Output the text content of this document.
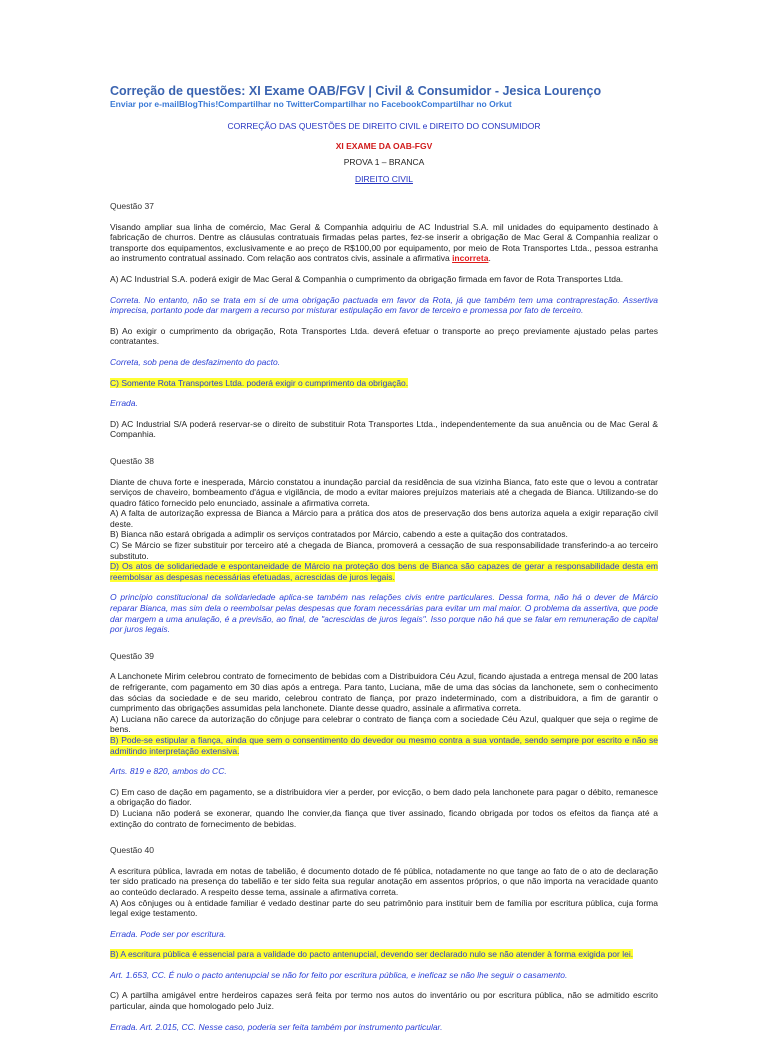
Correção de questões: XI Exame OAB/FGV | Civil & Consumidor - Jesica Lourenço

Enviar por e-mailBlogThis!Compartilhar no TwitterCompartilhar no FacebookCompartilhar no Orkut

CORREÇÃO DAS QUESTÕES DE DIREITO CIVIL e DIREITO DO CONSUMIDOR
XI EXAME DA OAB-FGV
PROVA 1 – BRANCA
DIREITO CIVIL
Questão 37

Visando ampliar sua linha de comércio, Mac Geral & Companhia adquiriu de AC Industrial S.A. mil unidades do equipamento destinado à fabricação de churros. Dentre as cláusulas contratuais firmadas pelas partes, fez-se inserir a obrigação de Mac Geral & Companhia realizar o transporte dos equipamentos, exclusivamente e ao preço de R$100,00 por equipamento, por meio de Rota Transportes Ltda., pessoa estranha ao instrumento contratual assinado. Com relação aos contratos civis, assinale a afirmativa incorreta.

A) AC Industrial S.A. poderá exigir de Mac Geral & Companhia o cumprimento da obrigação firmada em favor de Rota Transportes Ltda.

Correta. No entanto, não se trata em si de uma obrigação pactuada em favor da Rota, já que também tem uma contraprestação. Assertiva imprecisa, portanto pode dar margem a recurso por misturar estipulação em favor de terceiro e promessa por fato de terceiro.

B) Ao exigir o cumprimento da obrigação, Rota Transportes Ltda. deverá efetuar o transporte ao preço previamente ajustado pelas partes contratantes.

Correta, sob pena de desfazimento do pacto.

C) Somente Rota Transportes Ltda. poderá exigir o cumprimento da obrigação.

Errada.

D) AC Industrial S/A poderá reservar-se o direito de substituir Rota Transportes Ltda., independentemente da sua anuência ou de Mac Geral & Companhia.

Questão 38

Diante de chuva forte e inesperada, Márcio constatou a inundação parcial da residência de sua vizinha Bianca, fato este que o levou a contratar serviços de chaveiro, bombeamento d'água e vigilância, de modo a evitar maiores prejuízos materiais até a chegada de Bianca. Utilizando-se do quadro fático fornecido pelo enunciado, assinale a afirmativa correta.

A) A falta de autorização expressa de Bianca a Márcio para a prática dos atos de preservação dos bens autoriza aquela a exigir reparação civil deste.

B) Bianca não estará obrigada a adimplir os serviços contratados por Márcio, cabendo a este a quitação dos contratados.

C) Se Márcio se fizer substituir por terceiro até a chegada de Bianca, promoverá a cessação de sua responsabilidade transferindo-a ao terceiro substituto.

D) Os atos de solidariedade e espontaneidade de Márcio na proteção dos bens de Bianca são capazes de gerar a responsabilidade desta em reembolsar as despesas necessárias efetuadas, acrescidas de juros legais.

O princípio constitucional da solidariedade aplica-se também nas relações civis entre particulares. Dessa forma, não há o dever de Márcio reparar Bianca, mas sim dela o reembolsar pelas despesas que foram necessárias para evitar um mal maior. O problema da assertiva, que pode dar margem a uma anulação, é a previsão, ao final, de "acrescidas de juros legais". Isso porque não há que se falar em remuneração de capital por juros legais.

Questão 39

A Lanchonete Mirim celebrou contrato de fornecimento de bebidas com a Distribuidora Céu Azul, ficando ajustada a entrega mensal de 200 latas de refrigerante, com pagamento em 30 dias após a entrega. Para tanto, Luciana, mãe de uma das sócias da lanchonete, sem o conhecimento das sócias da sociedade e de seu marido, celebrou contrato de fiança, por prazo indeterminado, com a distribuidora, a fim de garantir o cumprimento das obrigações assumidas pela lanchonete. Diante desse quadro, assinale a afirmativa correta.

A) Luciana não carece da autorização do cônjuge para celebrar o contrato de fiança com a sociedade Céu Azul, qualquer que seja o regime de bens.

B) Pode-se estipular a fiança, ainda que sem o consentimento do devedor ou mesmo contra a sua vontade, sendo sempre por escrito e não se admitindo interpretação extensiva.

Arts. 819 e 820, ambos do CC.

C) Em caso de dação em pagamento, se a distribuidora vier a perder, por evicção, o bem dado pela lanchonete para pagar o débito, remanesce a obrigação do fiador.

D) Luciana não poderá se exonerar, quando lhe convier,da fiança que tiver assinado, ficando obrigada por todos os efeitos da fiança até a extinção do contrato de fornecimento de bebidas.

Questão 40

A escritura pública, lavrada em notas de tabelião, é documento dotado de fé pública, notadamente no que tange ao fato de o ato de declaração ter sido praticado na presença do tabelião e ter sido feita sua regular anotação em assentos próprios, o que não importa na veracidade quanto ao conteúdo declarado. A respeito desse tema, assinale a afirmativa correta.

A) Aos cônjuges ou à entidade familiar é vedado destinar parte do seu patrimônio para instituir bem de família por escritura pública, cuja forma legal exige testamento.

Errada. Pode ser por escritura.

B) A escritura pública é essencial para a validade do pacto antenupcial, devendo ser declarado nulo se não atender à forma exigida por lei.

Art. 1.653, CC. É nulo o pacto antenupcial se não for feito por escritura pública, e ineficaz se não lhe seguir o casamento.

C) A partilha amigável entre herdeiros capazes será feita por termo nos autos do inventário ou por escritura pública, não se admitido escrito particular, ainda que homologado pelo Juiz.

Errada. Art. 2.015, CC. Nesse caso, poderia ser feita também por instrumento particular.
